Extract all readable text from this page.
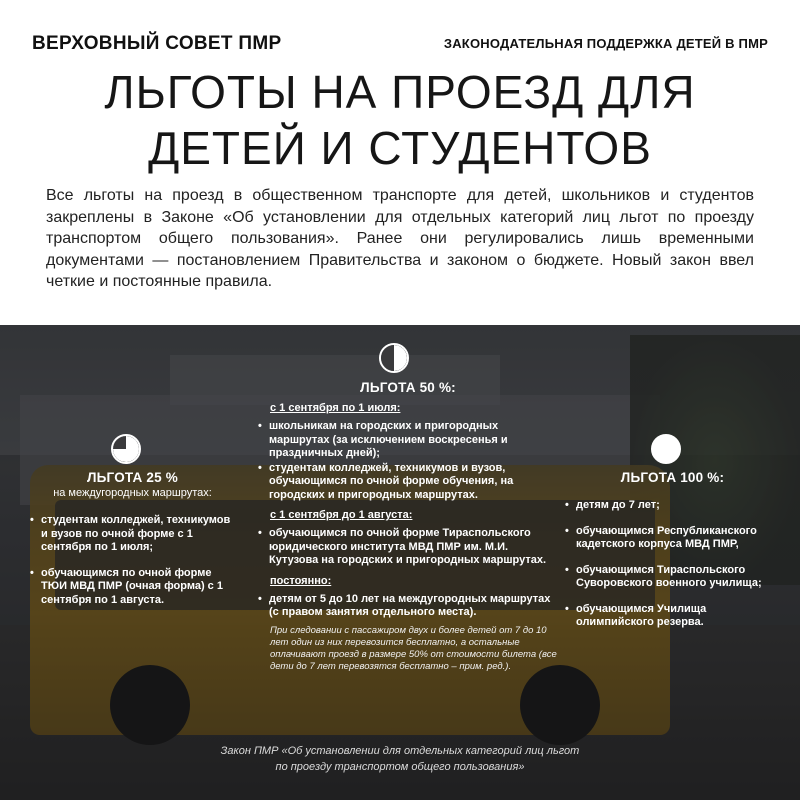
ВЕРХОВНЫЙ СОВЕТ ПМР	ЗАКОНОДАТЕЛЬНАЯ ПОДДЕРЖКА ДЕТЕЙ В ПМР
ЛЬГОТЫ НА ПРОЕЗД ДЛЯ
ДЕТЕЙ И СТУДЕНТОВ

Все льготы на проезд в общественном транспорте для детей, школьников и студентов закреплены в Законе «Об установлении для отдельных категорий лиц льгот по проезду транспортом общего пользования». Ранее они регулировались лишь временными документами — постановлением Правительства и законом о бюджете. Новый закон ввел четкие и постоянные правила.

ЛЬГОТА 25 %
на междугородных маршрутах:
• студентам колледжей, техникумов и вузов по очной форме с 1 сентября по 1 июля;
• обучающимся по очной форме ТЮИ МВД ПМР (очная форма) с 1 сентября по 1 августа.
ЛЬГОТА 50 %:
с 1 сентября по 1 июля:
• школьникам на городских и пригородных маршрутах (за исключением воскресенья и праздничных дней);
• студентам колледжей, техникумов и вузов, обучающимся по очной форме обучения, на городских и пригородных маршрутах.
с 1 сентября до 1 августа:
• обучающимся по очной форме Тираспольского юридического института МВД ПМР им. М.И. Кутузова на городских и пригородных маршрутах.
постоянно:
• детям от 5 до 10 лет на междугородных маршрутах (с правом занятия отдельного места).
При следовании с пассажиром двух и более детей от 7 до 10 лет один из них перевозится бесплатно, а остальные оплачивают проезд в размере 50% от стоимости билета (все дети до 7 лет перевозятся бесплатно – прим. ред.).
ЛЬГОТА 100 %:
• детям до 7 лет;
• обучающимся Республиканского кадетского корпуса МВД ПМР,
• обучающимся Тираспольского Суворовского военного училища;
• обучающимся Училища олимпийского резерва.
Закон ПМР «Об установлении для отдельных категорий лиц льгот
по проезду транспортом общего пользования»
